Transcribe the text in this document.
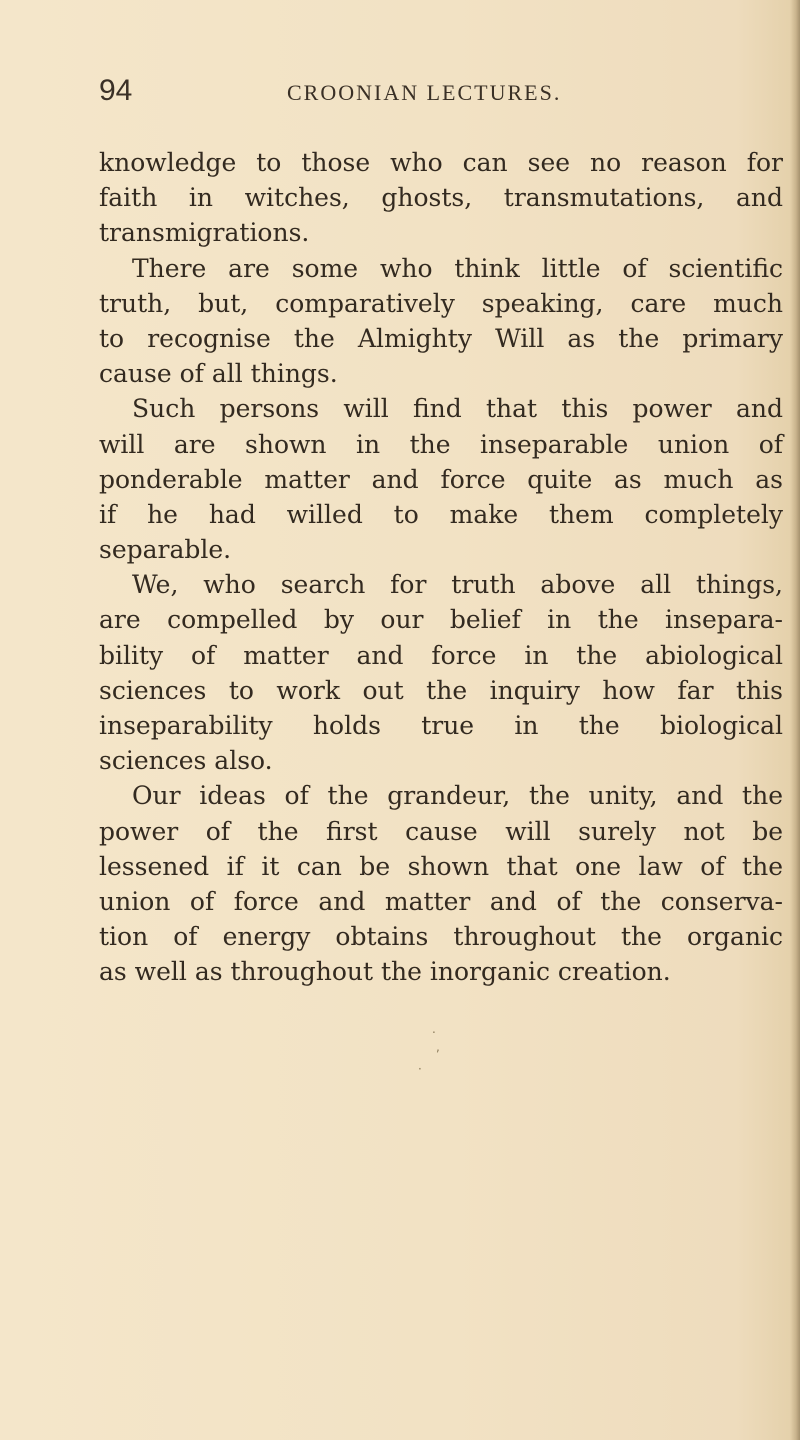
94	CROONIAN LECTURES.
knowledge to those who can see no reason for
faith in witches, ghosts, transmutations, and
transmigrations.
There are some who think little of scientific
truth, but, comparatively speaking, care much
to recognise the Almighty Will as the primary
cause of all things.
Such persons will find that this power and
will are shown in the inseparable union of
ponderable matter and force quite as much as
if he had willed to make them completely
separable.
We, who search for truth above all things,
are compelled by our belief in the insepara-
bility of matter and force in the abiological
sciences to work out the inquiry how far this
inseparability holds true in the biological
sciences also.
Our ideas of the grandeur, the unity, and the
power of the first cause will surely not be
lessened if it can be shown that one law of the
union of force and matter and of the conserva-
tion of energy obtains throughout the organic
as well as throughout the inorganic creation.
.
,
·
